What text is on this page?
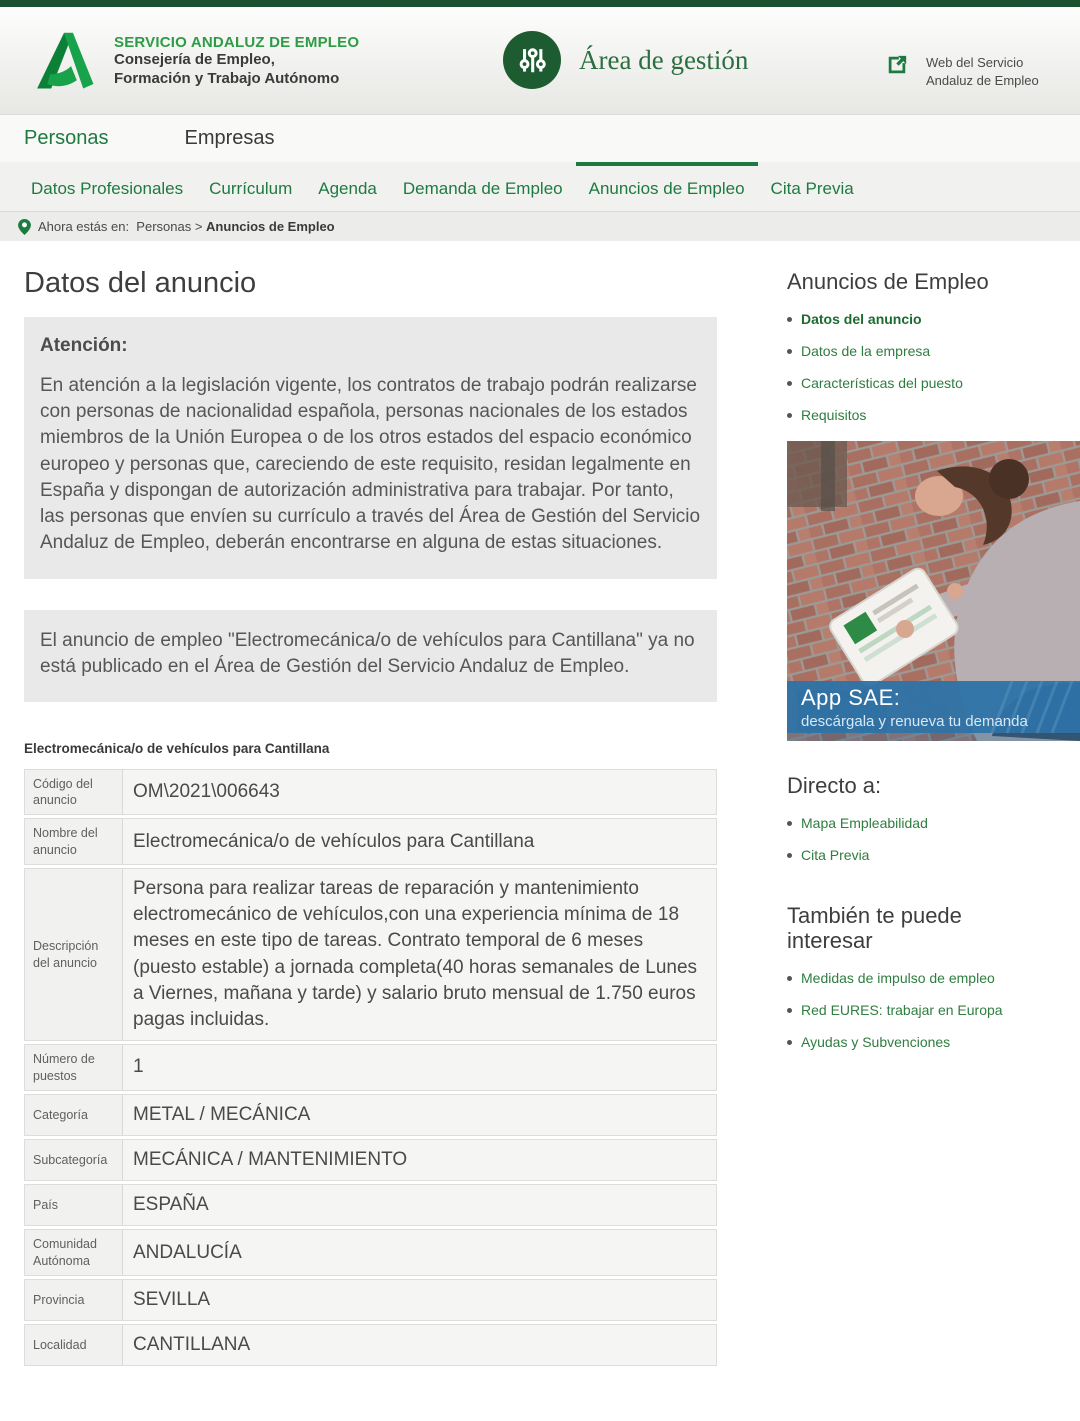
SERVICIO ANDALUZ DE EMPLEO
Consejería de Empleo,
Formación y Trabajo Autónomo
Área de gestión	Web del Servicio
Andaluz de Empleo
Personas	Empresas
Datos Profesionales	Currículum	Agenda	Demanda de Empleo	Anuncios de Empleo	Cita Previa
Ahora estás en:
Personas > Anuncios de Empleo
Datos del anuncio
Atención:
En atención a la legislación vigente, los contratos de trabajo podrán realizarse con personas de nacionalidad española, personas nacionales de los estados miembros de la Unión Europea o de los otros estados del espacio económico europeo y personas que, careciendo de este requisito, residan legalmente en España y dispongan de autorización administrativa para trabajar. Por tanto, las personas que envíen su currículo a través del Área de Gestión del Servicio Andaluz de Empleo, deberán encontrarse en alguna de estas situaciones.
El anuncio de empleo "Electromecánica/o de vehículos para Cantillana" ya no está publicado en el Área de Gestión del Servicio Andaluz de Empleo.
Electromecánica/o de vehículos para Cantillana
Código del anuncio	OM\2021\006643
Nombre del anuncio	Electromecánica/o de vehículos para Cantillana
Descripción del anuncio
Persona para realizar tareas de reparación y mantenimiento electromecánico de vehículos,con una experiencia mínima de 18 meses en este tipo de tareas. Contrato temporal de 6 meses (puesto estable) a jornada completa(40 horas semanales de Lunes a Viernes, mañana y tarde) y salario bruto mensual de 1.750 euros pagas incluidas.
Número de puestos	1
Categoría	METAL / MECÁNICA
Subcategoría	MECÁNICA / MANTENIMIENTO
País	ESPAÑA
Comunidad Autónoma	ANDALUCÍA
Provincia	SEVILLA
Localidad	CANTILLANA
Anuncios de Empleo
Datos del anuncio
Datos de la empresa
Características del puesto
Requisitos
App SAE:
descárgala y renueva tu demanda
Directo a:
Mapa Empleabilidad
Cita Previa
También te puede interesar
Medidas de impulso de empleo
Red EURES: trabajar en Europa
Ayudas y Subvenciones
